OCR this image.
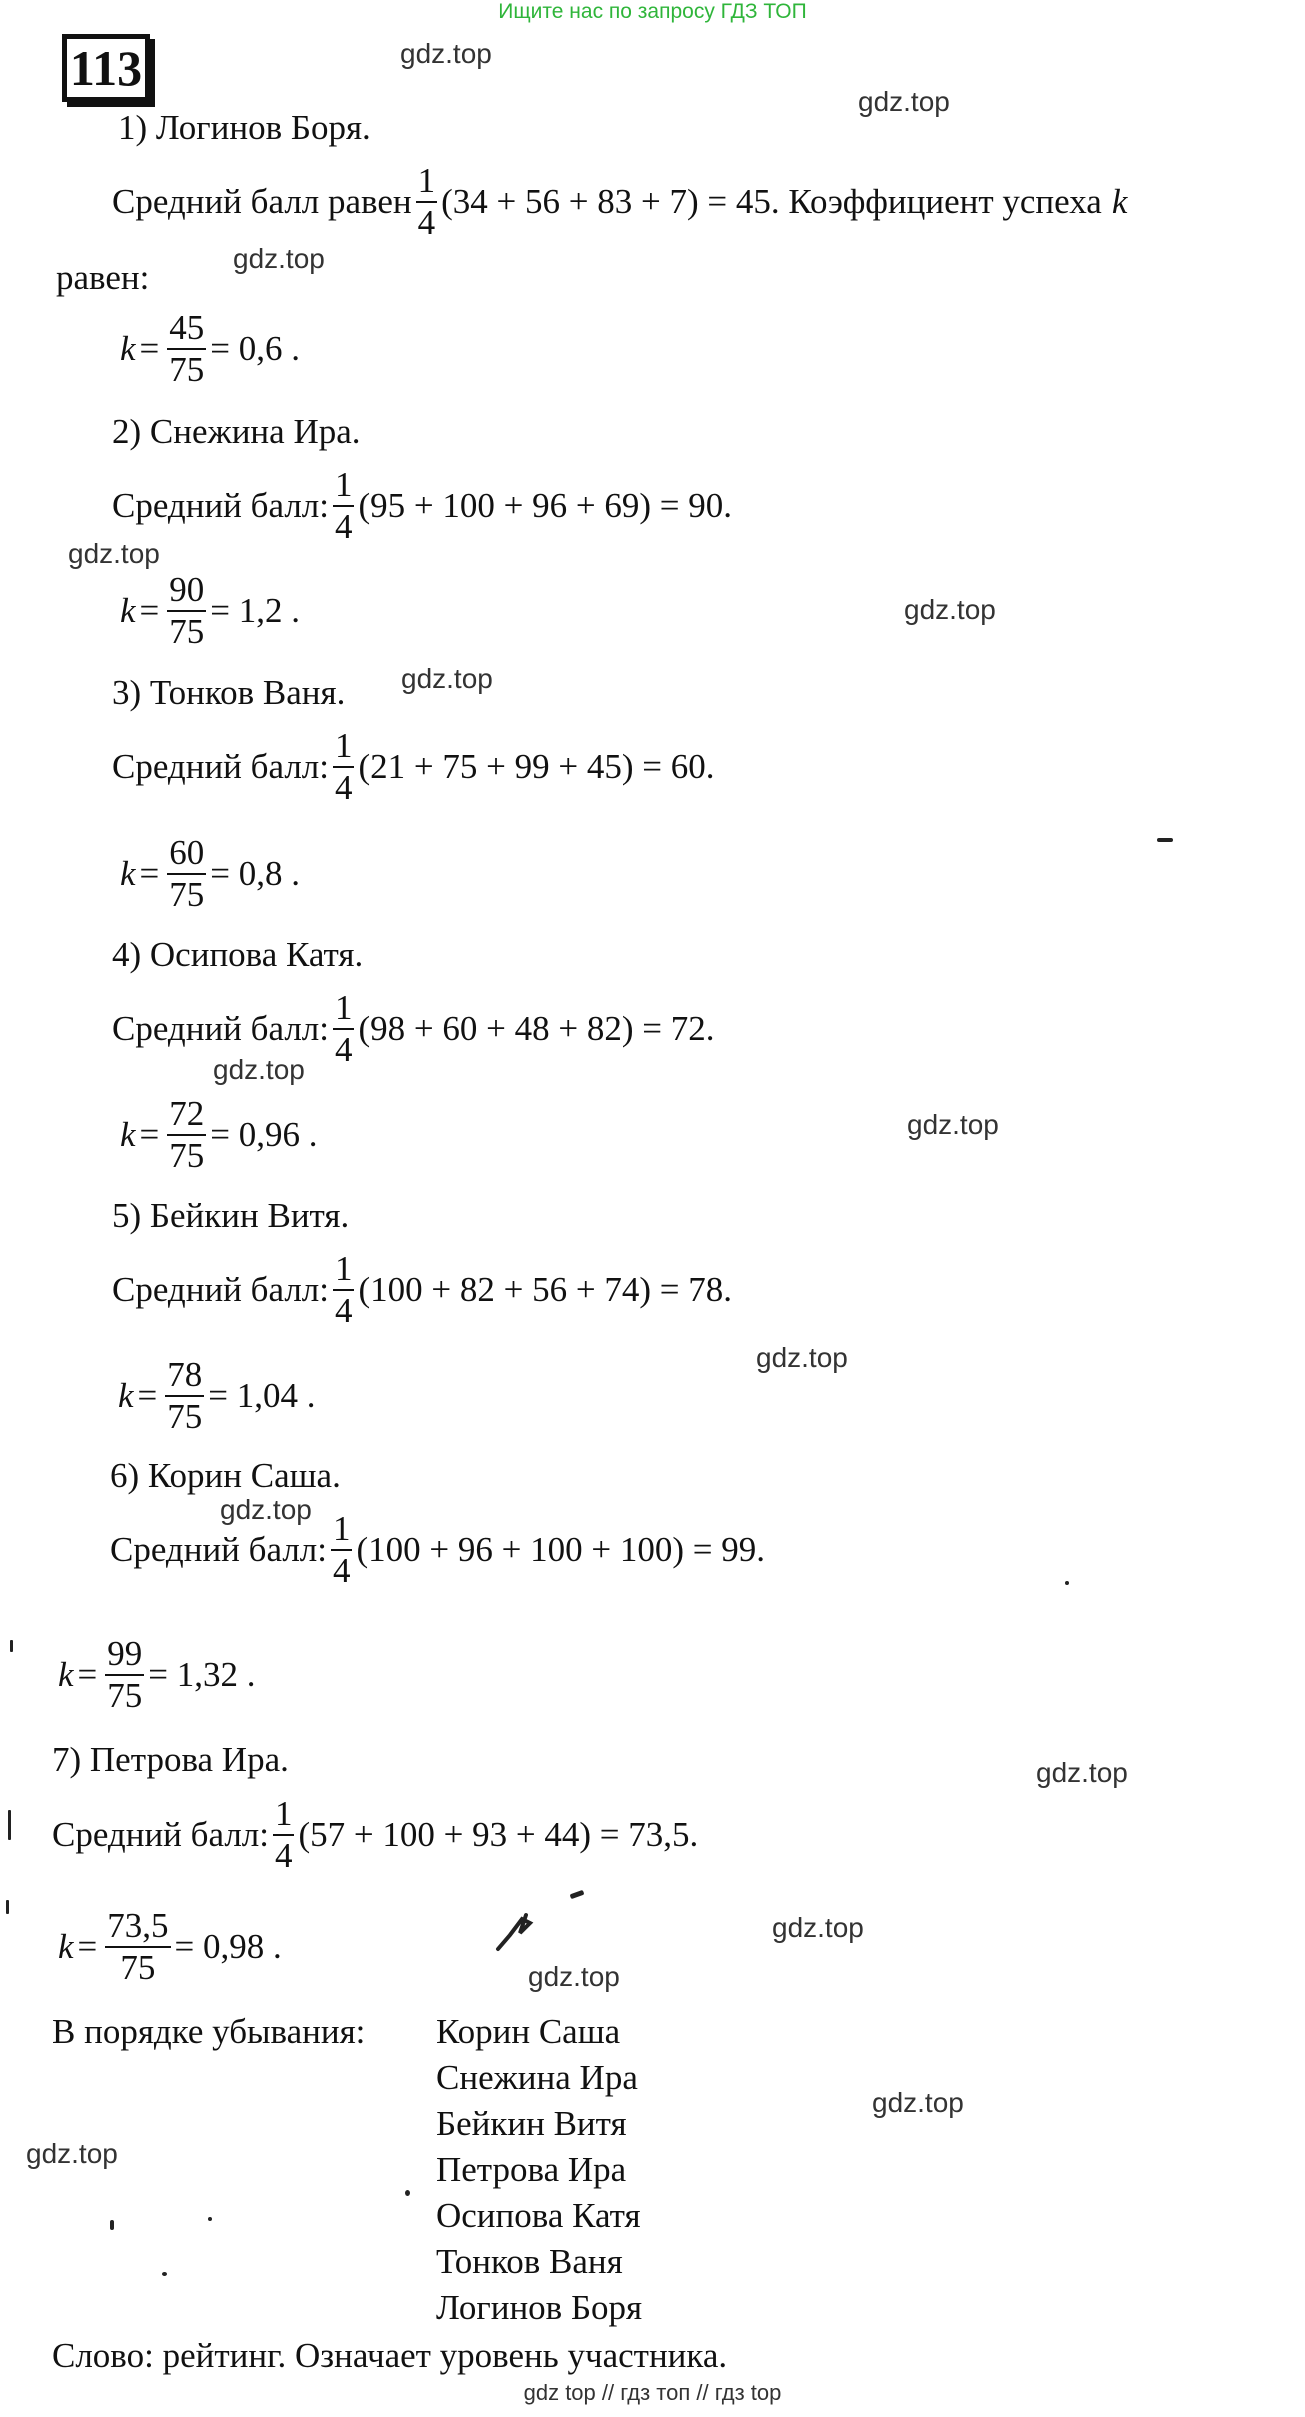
Ищите нас по запросу ГДЗ ТОП
113	gdz.top
gdz.top
gdz.top
gdz.top
gdz.top
gdz.top
gdz.top
gdz.top
gdz.top
gdz.top
gdz.top
gdz.top
gdz.top
gdz.top
gdz.top
1) Логинов Боря.
Средний балл равен $\frac{1}{4} (34 + 56 + 83 + 7) = 45$. Коэффициент успеха k
равен:
$k = \frac{45}{75} = 0,6$ .
2) Снежина Ира.
Средний балл: $\frac{1}{4} (95 + 100 + 96 + 69) = 90$.
$k = \frac{90}{75} = 1,2$ .
3) Тонков Ваня.
Средний балл: $\frac{1}{4} (21 + 75 + 99 + 45) = 60$.
$k = \frac{60}{75} = 0,8$ .
4) Осипова Катя.
Средний балл: $\frac{1}{4} (98 + 60 + 48 + 82) = 72$.
$k = \frac{72}{75} = 0,96$ .
5) Бейкин Витя.
Средний балл: $\frac{1}{4} (100 + 82 + 56 + 74) = 78$.
$k = \frac{78}{75} = 1,04$ .
6) Корин Саша.
Средний балл: $\frac{1}{4} (100 + 96 + 100 + 100) = 99$.
$k = \frac{99}{75} = 1,32$ .
7) Петрова Ира.
Средний балл: $\frac{1}{4} (57 + 100 + 93 + 44) = 73,5$.
$k = \frac{73,5}{75} = 0,98$ .
В порядке убывания: Корин Саша
Снежина Ира
Бейкин Витя
Петрова Ира
Осипова Катя
Тонков Ваня
Логинов Боря
Слово: рейтинг. Означает уровень участника.
gdz top // гдз топ // гдз top
